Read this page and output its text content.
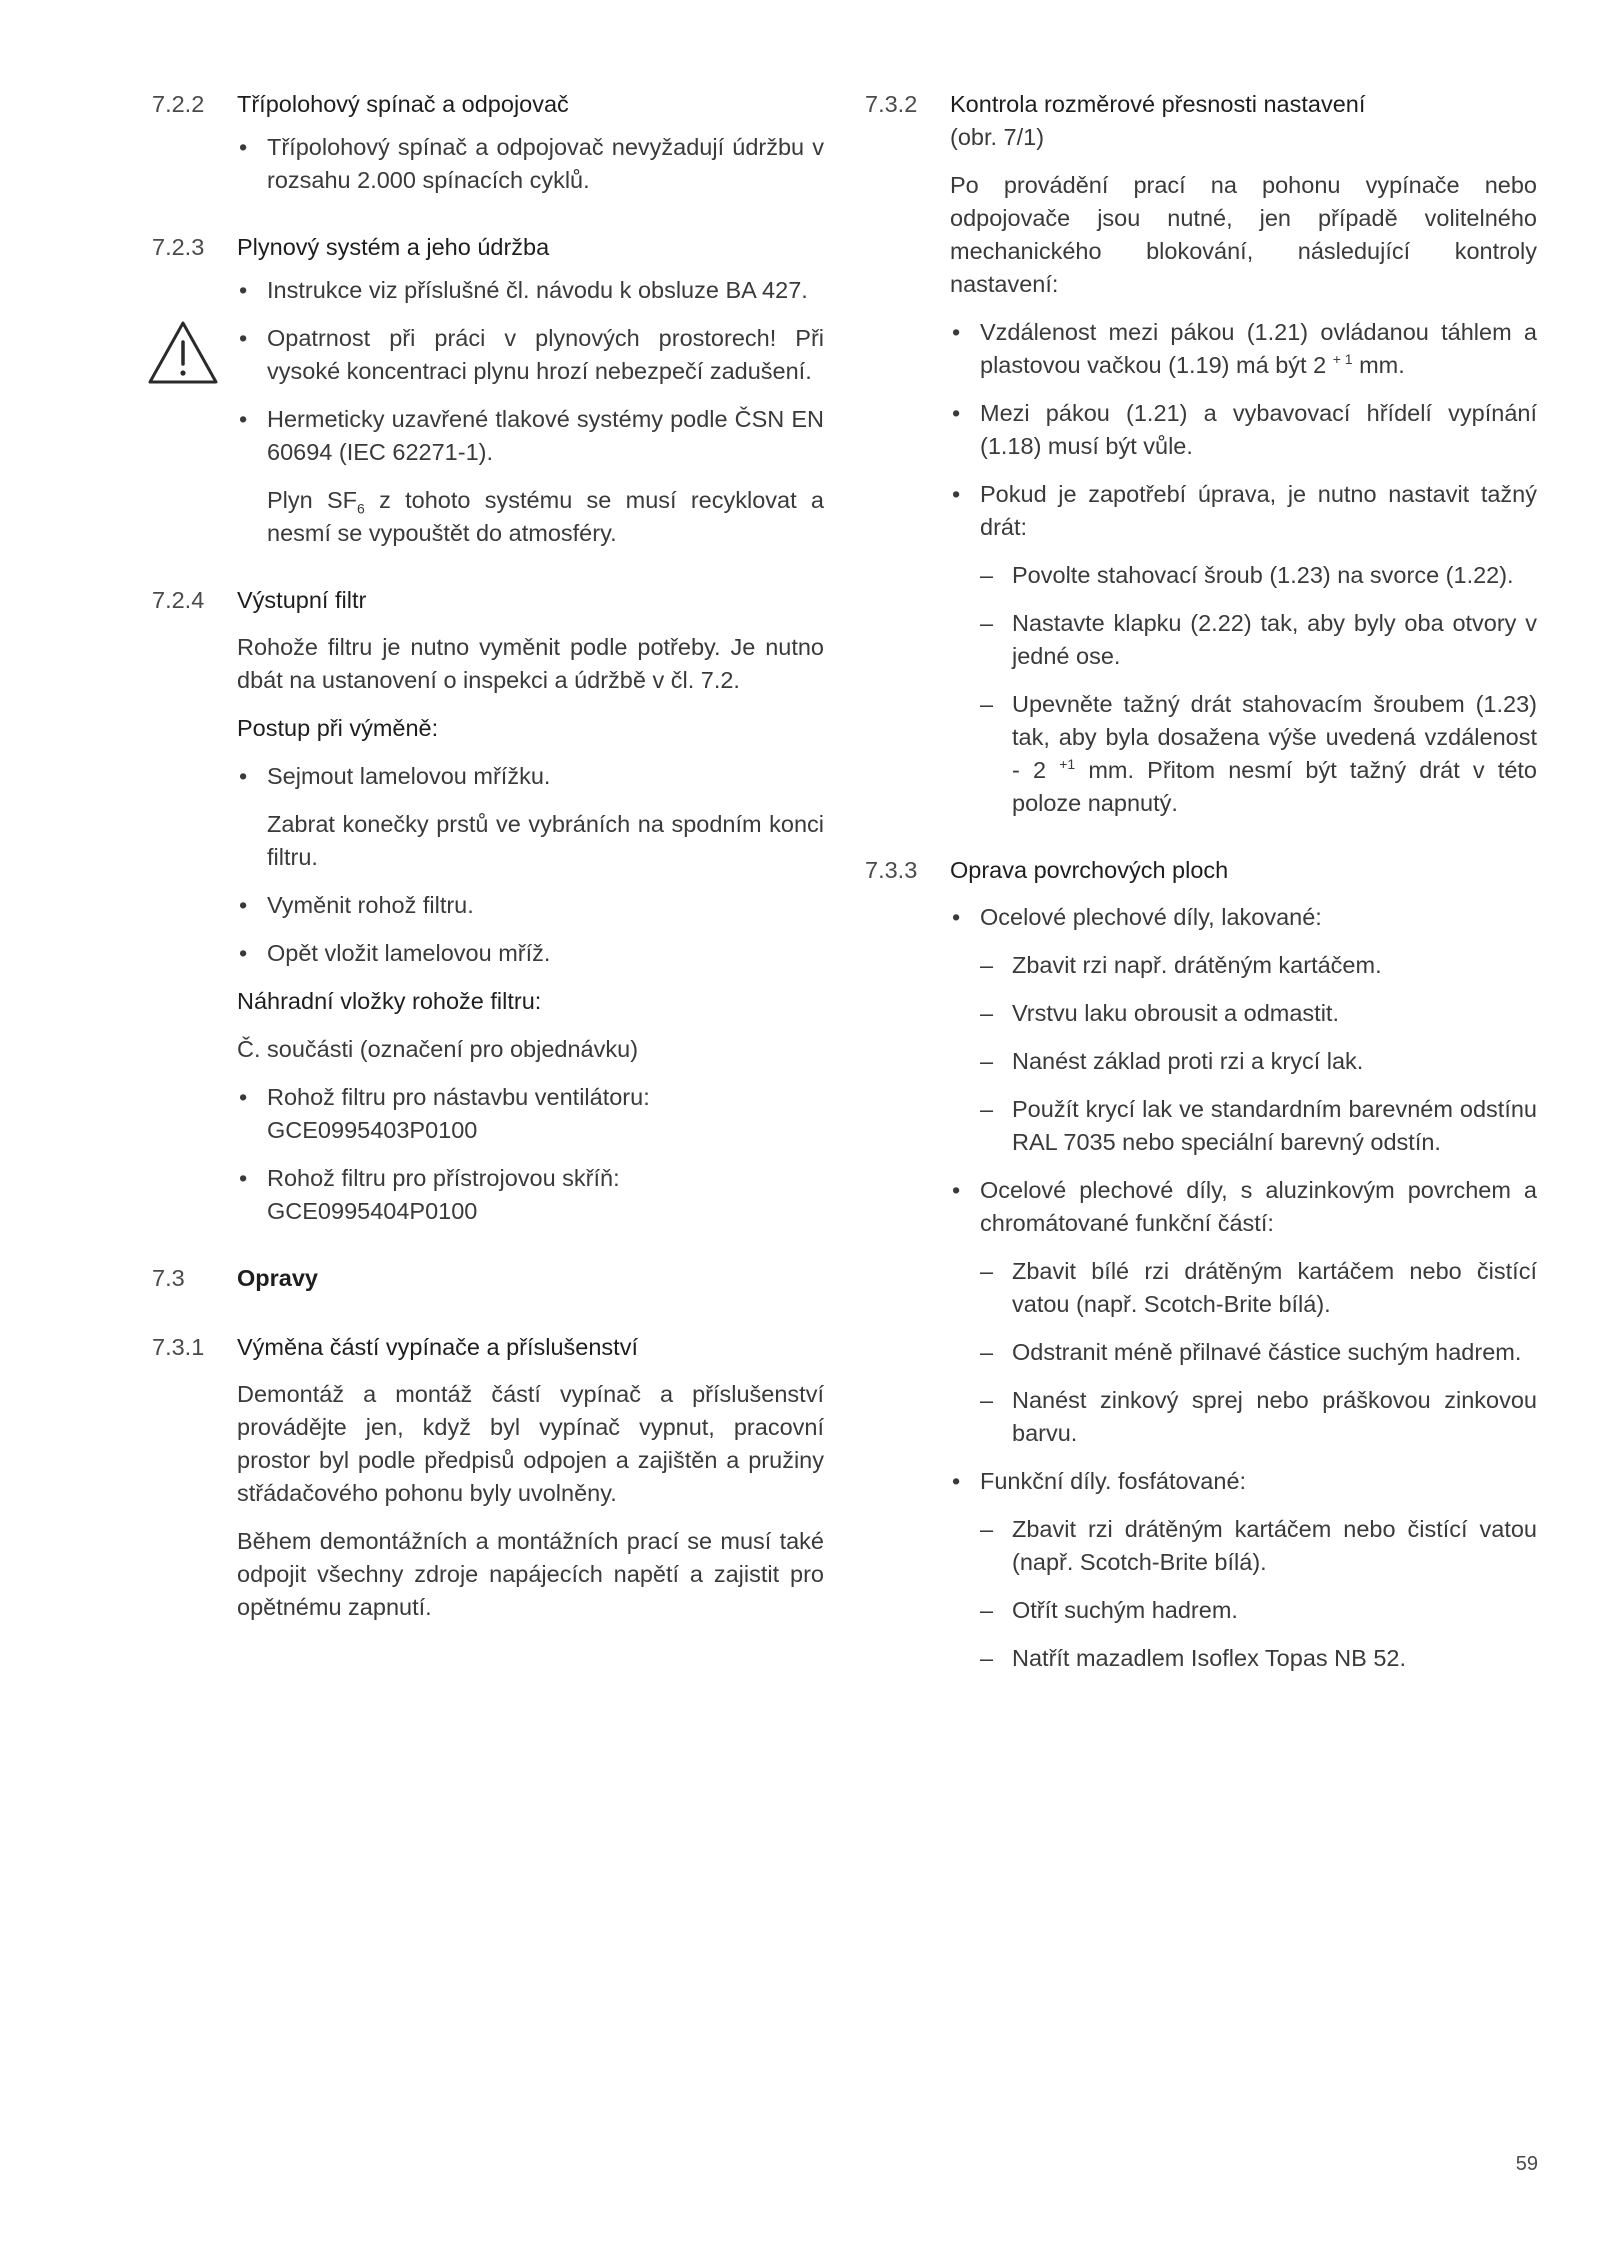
7.2.2	Třípolohový spínač a odpojovač
• Třípolohový spínač a odpojovač nevyžadují údržbu v rozsahu 2.000 spínacích cyklů.
7.2.3	Plynový systém a jeho údržba
• Instrukce viz příslušné čl. návodu k obsluze BA 427.
• Opatrnost při práci v plynových prostorech! Při vysoké koncentraci plynu hrozí nebezpečí zadušení.
• Hermeticky uzavřené tlakové systémy podle ČSN EN 60694 (IEC 62271-1).
Plyn $SF_6$ z tohoto systému se musí recyklovat a nesmí se vypouštět do atmosféry.
7.2.4	Výstupní filtr
Rohože filtru je nutno vyměnit podle potřeby. Je nutno dbát na ustanovení o inspekci a údržbě v čl. 7.2.
Postup při výměně:
• Sejmout lamelovou mřížku.
Zabrat konečky prstů ve vybráních na spodním konci filtru.
• Vyměnit rohož filtru.
• Opět vložit lamelovou mříž.
Náhradní vložky rohože filtru:
Č. součásti (označení pro objednávku)
• Rohož filtru pro nástavbu ventilátoru: GCE0995403P0100
• Rohož filtru pro přístrojovou skříň: GCE0995404P0100
7.3	Opravy
7.3.1	Výměna částí vypínače a příslušenství
Demontáž a montáž částí vypínač a příslušenství provádějte jen, když byl vypínač vypnut, pracovní prostor byl podle předpisů odpojen a zajištěn a pružiny střádačového pohonu byly uvolněny.
Během demontážních a montážních prací se musí také odpojit všechny zdroje napájecích napětí a zajistit pro opětnému zapnutí.
7.3.2	Kontrola rozměrové přesnosti nastavení
(obr. 7/1)
Po provádění prací na pohonu vypínače nebo odpojovače jsou nutné, jen případě volitelného mechanického blokování, následující kontroly nastavení:
• Vzdálenost mezi pákou (1.21) ovládanou táhlem a plastovou vačkou (1.19) má být 2 $^{+ 1}$ mm.
• Mezi pákou (1.21) a vybavovací hřídelí vypínání (1.18) musí být vůle.
• Pokud je zapotřebí úprava, je nutno nastavit tažný drát:
– Povolte stahovací šroub (1.23) na svorce (1.22).
– Nastavte klapku (2.22) tak, aby byly oba otvory v jedné ose.
– Upevněte tažný drát stahovacím šroubem (1.23) tak, aby byla dosažena výše uvedená vzdálenost - 2 $^{+1}$ mm. Přitom nesmí být tažný drát v této poloze napnutý.
7.3.3	Oprava povrchových ploch
• Ocelové plechové díly, lakované:
– Zbavit rzi např. drátěným kartáčem.
– Vrstvu laku obrousit a odmastit.
– Nanést základ proti rzi a krycí lak.
– Použít krycí lak ve standardním barevném odstínu RAL 7035 nebo speciální barevný odstín.
• Ocelové plechové díly, s aluzinkovým povrchem a chromátované funkční částí:
– Zbavit bílé rzi drátěným kartáčem nebo čistící vatou (např. Scotch-Brite bílá).
– Odstranit méně přilnavé částice suchým hadrem.
– Nanést zinkový sprej nebo práškovou zinkovou barvu.
• Funkční díly. fosfátované:
– Zbavit rzi drátěným kartáčem nebo čistící vatou (např. Scotch-Brite bílá).
– Otřít suchým hadrem.
– Natřít mazadlem Isoflex Topas NB 52.
59
